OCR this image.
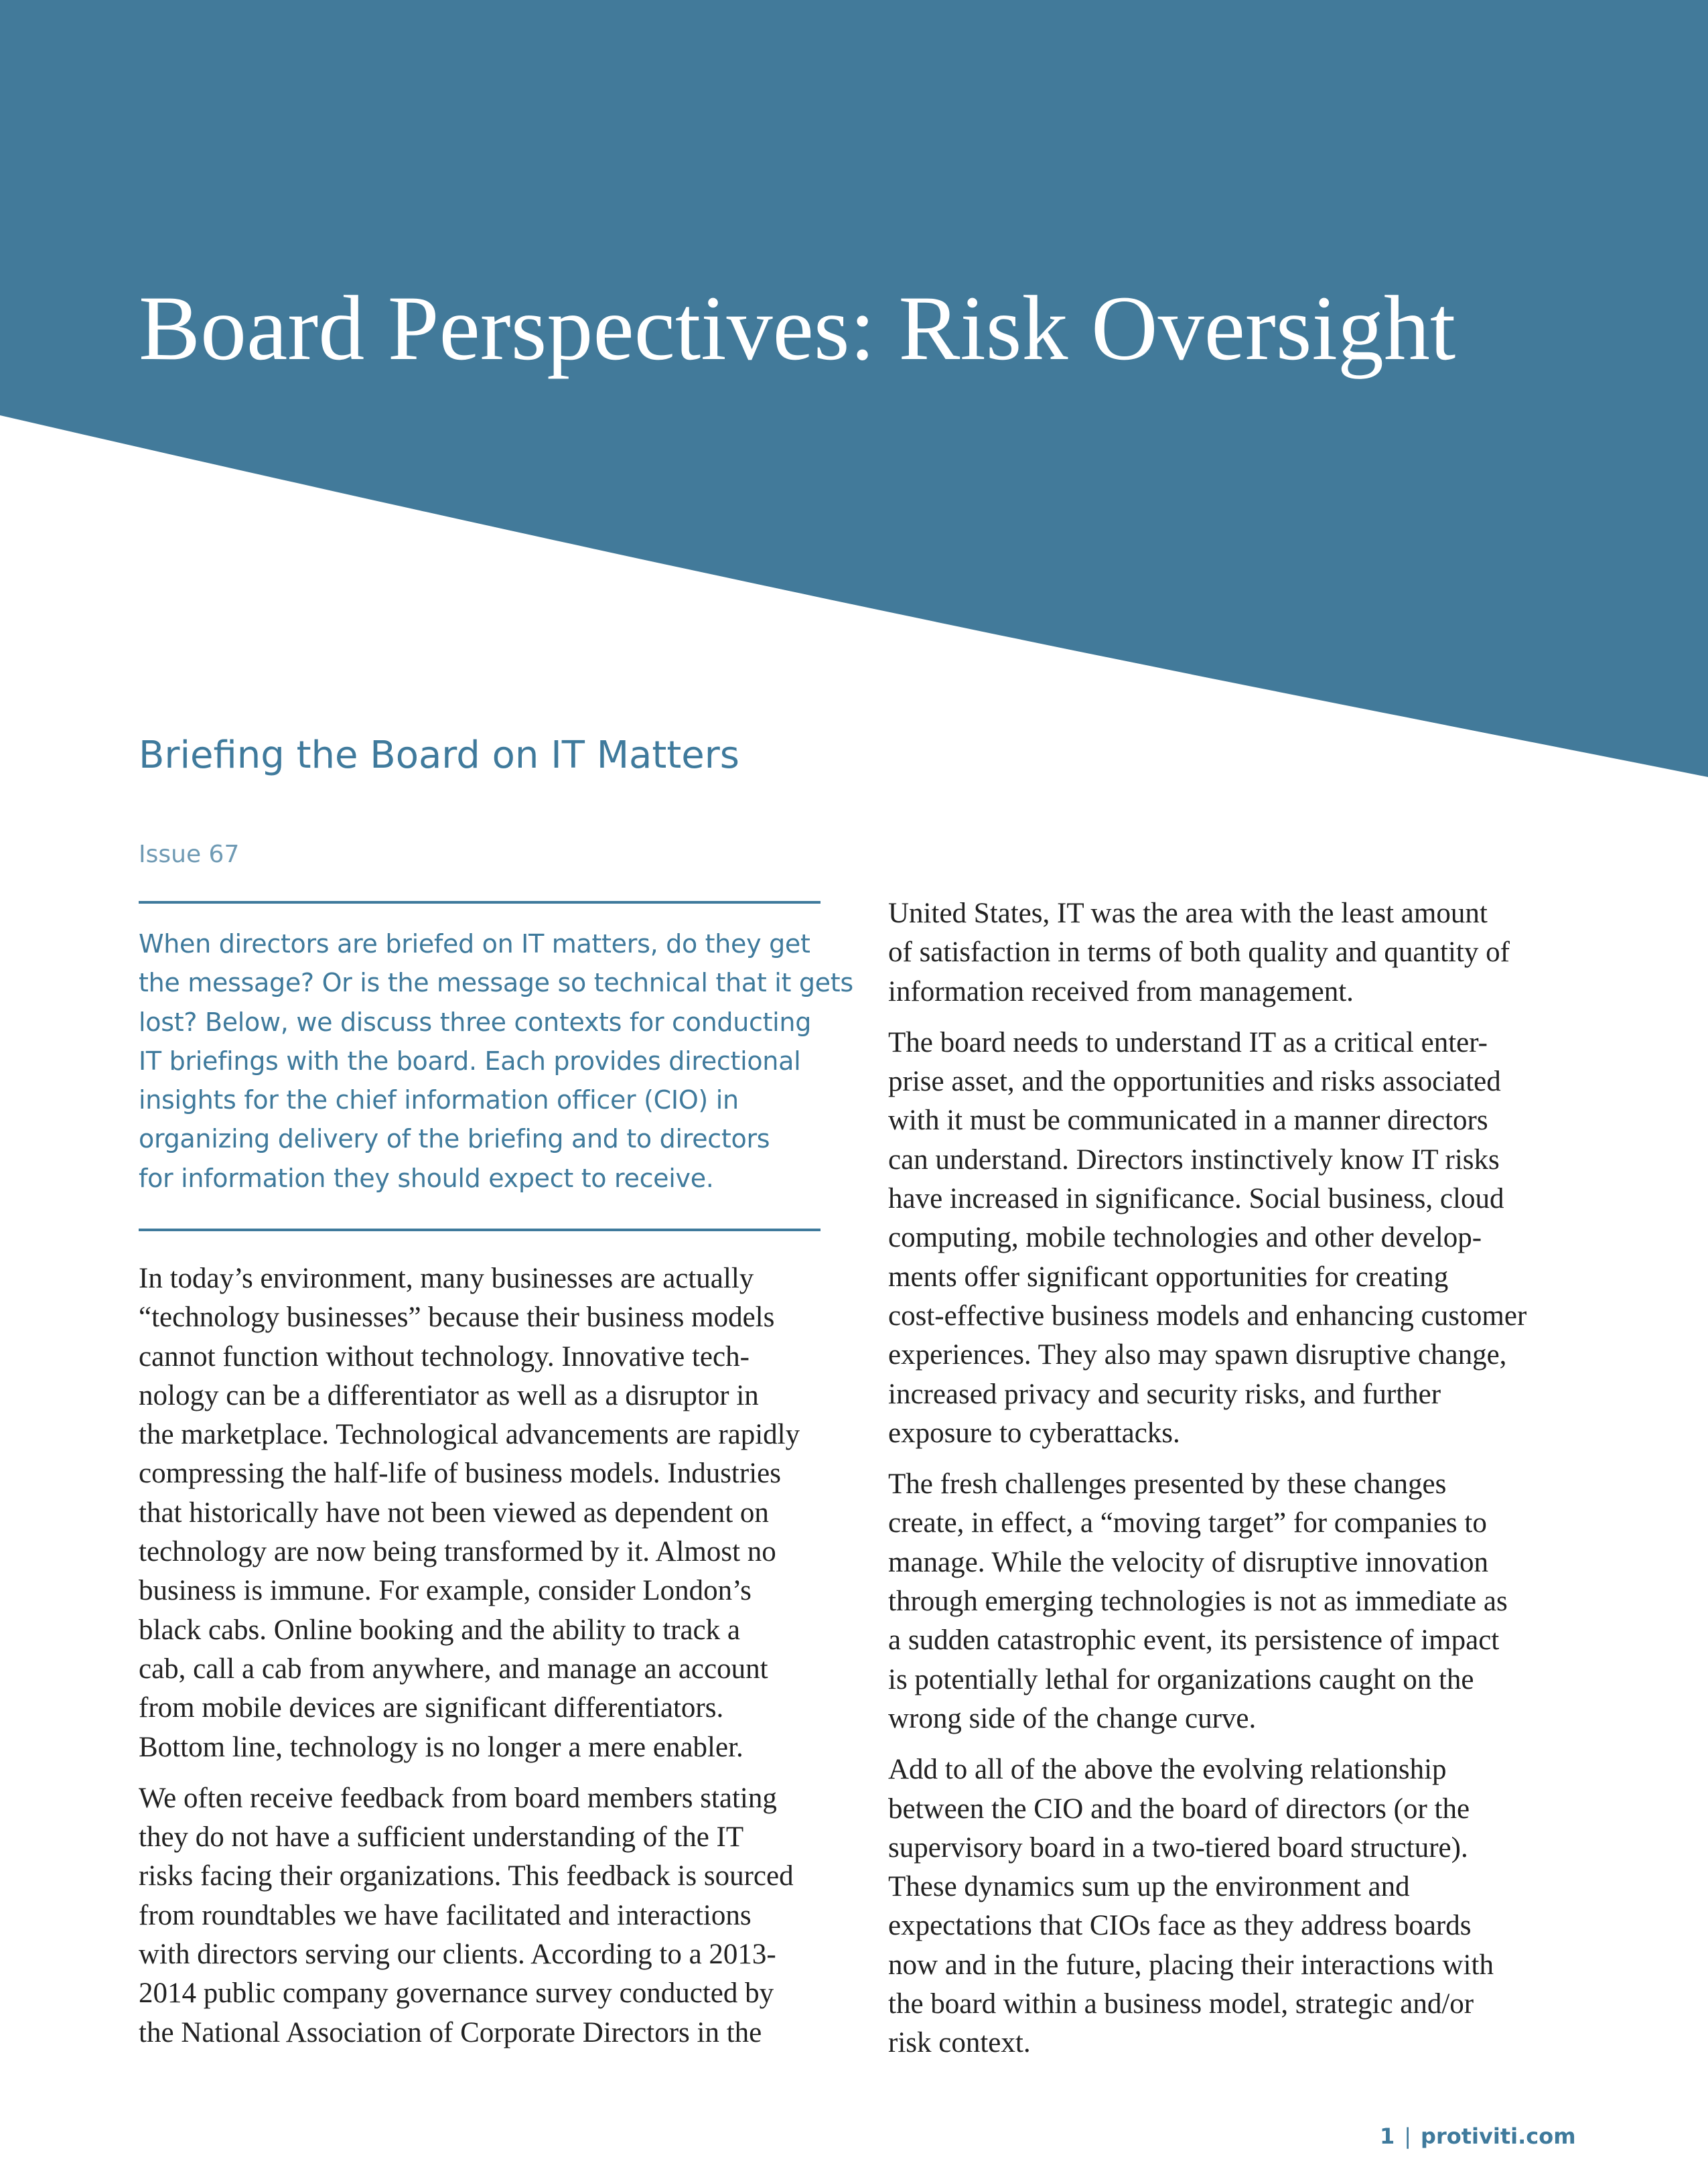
Board Perspectives: Risk Oversight
Briefing the Board on IT Matters
Issue 67
When directors are briefed on IT matters, do they get
the message? Or is the message so technical that it gets
lost? Below, we discuss three contexts for conducting
IT briefings with the board. Each provides directional
insights for the chief information officer (CIO) in
organizing delivery of the briefing and to directors
for information they should expect to receive.
In today’s environment, many businesses are actually
“technology businesses” because their business models
cannot function without technology. Innovative tech-
nology can be a differentiator as well as a disruptor in
the marketplace. Technological advancements are rapidly
compressing the half-life of business models. Industries
that historically have not been viewed as dependent on
technology are now being transformed by it. Almost no
business is immune. For example, consider London’s
black cabs. Online booking and the ability to track a
cab, call a cab from anywhere, and manage an account
from mobile devices are significant differentiators.
Bottom line, technology is no longer a mere enabler.
We often receive feedback from board members stating
they do not have a sufficient understanding of the IT
risks facing their organizations. This feedback is sourced
from roundtables we have facilitated and interactions
with directors serving our clients. According to a 2013-
2014 public company governance survey conducted by
the National Association of Corporate Directors in the
United States, IT was the area with the least amount
of satisfaction in terms of both quality and quantity of
information received from management.
The board needs to understand IT as a critical enter-
prise asset, and the opportunities and risks associated
with it must be communicated in a manner directors
can understand. Directors instinctively know IT risks
have increased in significance. Social business, cloud
computing, mobile technologies and other develop-
ments offer significant opportunities for creating
cost-effective business models and enhancing customer
experiences. They also may spawn disruptive change,
increased privacy and security risks, and further
exposure to cyberattacks.
The fresh challenges presented by these changes
create, in effect, a “moving target” for companies to
manage. While the velocity of disruptive innovation
through emerging technologies is not as immediate as
a sudden catastrophic event, its persistence of impact
is potentially lethal for organizations caught on the
wrong side of the change curve.
Add to all of the above the evolving relationship
between the CIO and the board of directors (or the
supervisory board in a two-tiered board structure).
These dynamics sum up the environment and
expectations that CIOs face as they address boards
now and in the future, placing their interactions with
the board within a business model, strategic and/or
risk context.
1 | protiviti.com
